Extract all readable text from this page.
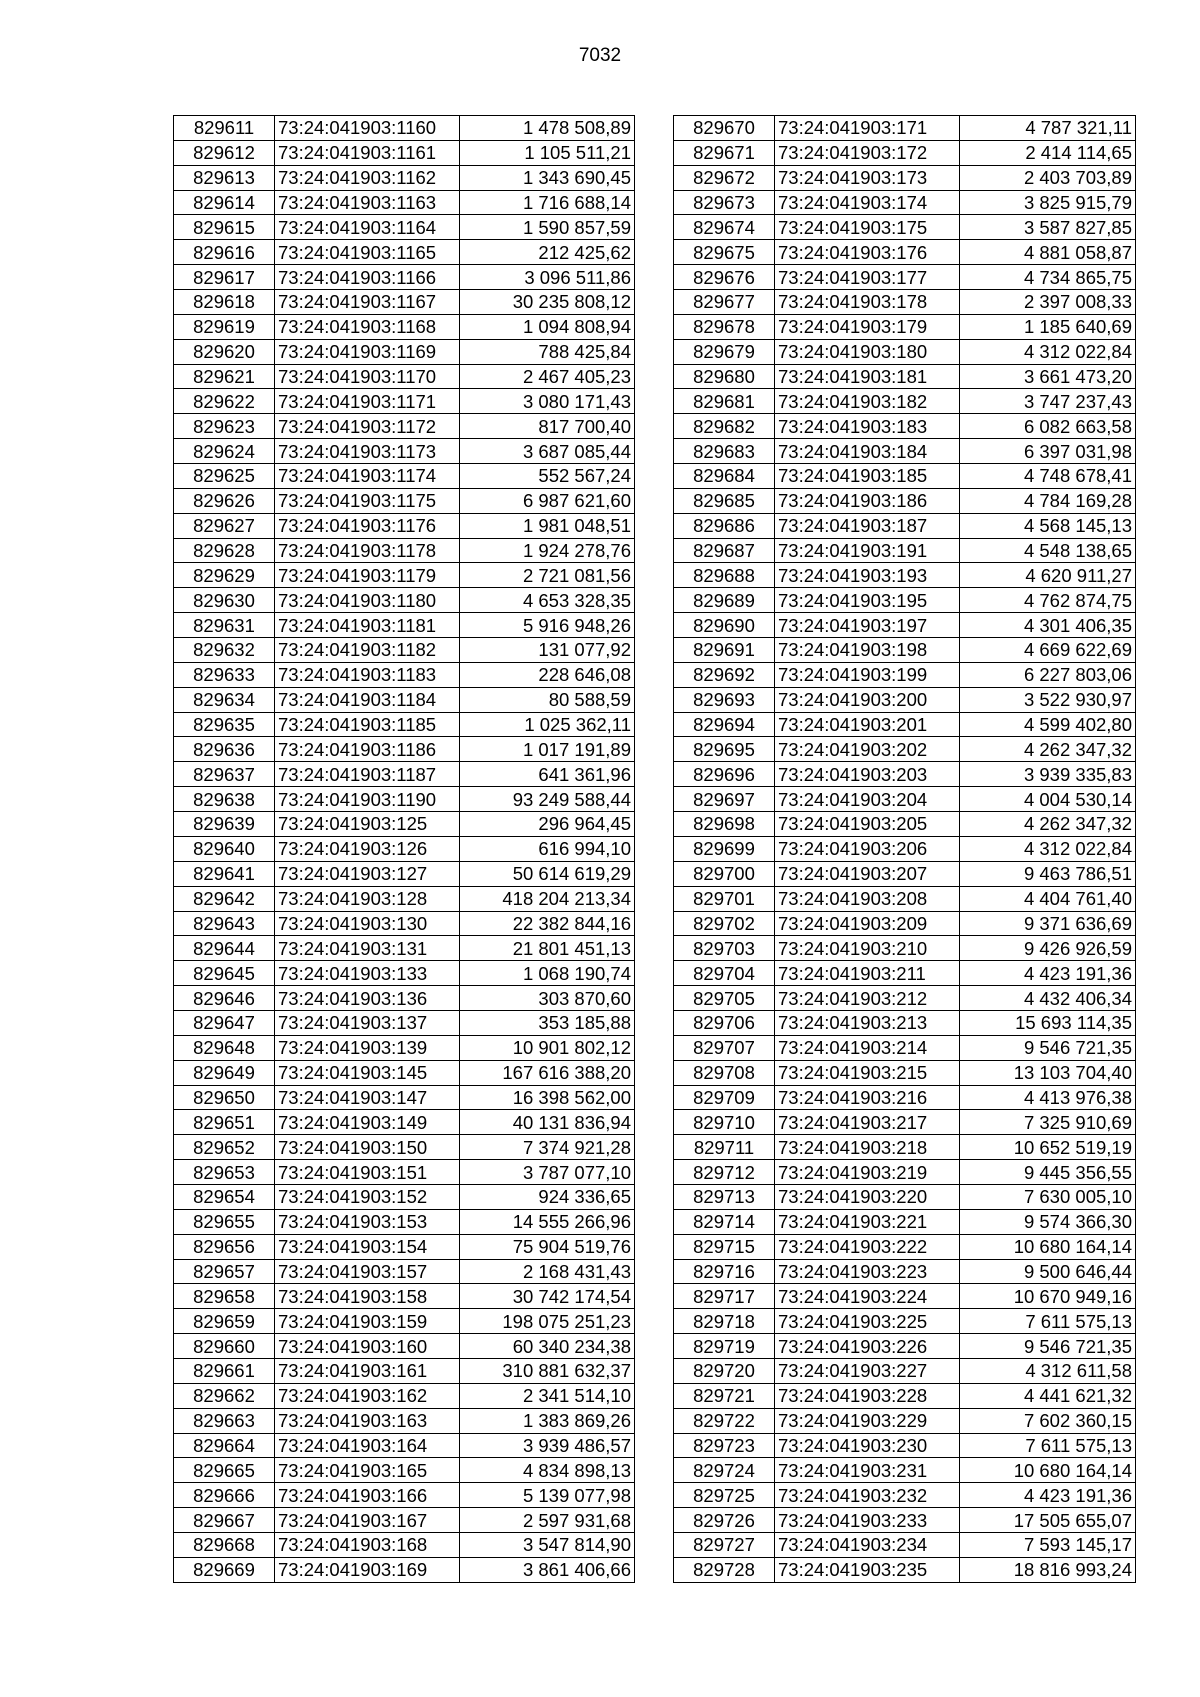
7032
829611	73:24:041903:1160	1 478 508,89
829612	73:24:041903:1161	1 105 511,21
829613	73:24:041903:1162	1 343 690,45
829614	73:24:041903:1163	1 716 688,14
829615	73:24:041903:1164	1 590 857,59
829616	73:24:041903:1165	212 425,62
829617	73:24:041903:1166	3 096 511,86
829618	73:24:041903:1167	30 235 808,12
829619	73:24:041903:1168	1 094 808,94
829620	73:24:041903:1169	788 425,84
829621	73:24:041903:1170	2 467 405,23
829622	73:24:041903:1171	3 080 171,43
829623	73:24:041903:1172	817 700,40
829624	73:24:041903:1173	3 687 085,44
829625	73:24:041903:1174	552 567,24
829626	73:24:041903:1175	6 987 621,60
829627	73:24:041903:1176	1 981 048,51
829628	73:24:041903:1178	1 924 278,76
829629	73:24:041903:1179	2 721 081,56
829630	73:24:041903:1180	4 653 328,35
829631	73:24:041903:1181	5 916 948,26
829632	73:24:041903:1182	131 077,92
829633	73:24:041903:1183	228 646,08
829634	73:24:041903:1184	80 588,59
829635	73:24:041903:1185	1 025 362,11
829636	73:24:041903:1186	1 017 191,89
829637	73:24:041903:1187	641 361,96
829638	73:24:041903:1190	93 249 588,44
829639	73:24:041903:125	296 964,45
829640	73:24:041903:126	616 994,10
829641	73:24:041903:127	50 614 619,29
829642	73:24:041903:128	418 204 213,34
829643	73:24:041903:130	22 382 844,16
829644	73:24:041903:131	21 801 451,13
829645	73:24:041903:133	1 068 190,74
829646	73:24:041903:136	303 870,60
829647	73:24:041903:137	353 185,88
829648	73:24:041903:139	10 901 802,12
829649	73:24:041903:145	167 616 388,20
829650	73:24:041903:147	16 398 562,00
829651	73:24:041903:149	40 131 836,94
829652	73:24:041903:150	7 374 921,28
829653	73:24:041903:151	3 787 077,10
829654	73:24:041903:152	924 336,65
829655	73:24:041903:153	14 555 266,96
829656	73:24:041903:154	75 904 519,76
829657	73:24:041903:157	2 168 431,43
829658	73:24:041903:158	30 742 174,54
829659	73:24:041903:159	198 075 251,23
829660	73:24:041903:160	60 340 234,38
829661	73:24:041903:161	310 881 632,37
829662	73:24:041903:162	2 341 514,10
829663	73:24:041903:163	1 383 869,26
829664	73:24:041903:164	3 939 486,57
829665	73:24:041903:165	4 834 898,13
829666	73:24:041903:166	5 139 077,98
829667	73:24:041903:167	2 597 931,68
829668	73:24:041903:168	3 547 814,90
829669	73:24:041903:169	3 861 406,66
829670	73:24:041903:171	4 787 321,11
829671	73:24:041903:172	2 414 114,65
829672	73:24:041903:173	2 403 703,89
829673	73:24:041903:174	3 825 915,79
829674	73:24:041903:175	3 587 827,85
829675	73:24:041903:176	4 881 058,87
829676	73:24:041903:177	4 734 865,75
829677	73:24:041903:178	2 397 008,33
829678	73:24:041903:179	1 185 640,69
829679	73:24:041903:180	4 312 022,84
829680	73:24:041903:181	3 661 473,20
829681	73:24:041903:182	3 747 237,43
829682	73:24:041903:183	6 082 663,58
829683	73:24:041903:184	6 397 031,98
829684	73:24:041903:185	4 748 678,41
829685	73:24:041903:186	4 784 169,28
829686	73:24:041903:187	4 568 145,13
829687	73:24:041903:191	4 548 138,65
829688	73:24:041903:193	4 620 911,27
829689	73:24:041903:195	4 762 874,75
829690	73:24:041903:197	4 301 406,35
829691	73:24:041903:198	4 669 622,69
829692	73:24:041903:199	6 227 803,06
829693	73:24:041903:200	3 522 930,97
829694	73:24:041903:201	4 599 402,80
829695	73:24:041903:202	4 262 347,32
829696	73:24:041903:203	3 939 335,83
829697	73:24:041903:204	4 004 530,14
829698	73:24:041903:205	4 262 347,32
829699	73:24:041903:206	4 312 022,84
829700	73:24:041903:207	9 463 786,51
829701	73:24:041903:208	4 404 761,40
829702	73:24:041903:209	9 371 636,69
829703	73:24:041903:210	9 426 926,59
829704	73:24:041903:211	4 423 191,36
829705	73:24:041903:212	4 432 406,34
829706	73:24:041903:213	15 693 114,35
829707	73:24:041903:214	9 546 721,35
829708	73:24:041903:215	13 103 704,40
829709	73:24:041903:216	4 413 976,38
829710	73:24:041903:217	7 325 910,69
829711	73:24:041903:218	10 652 519,19
829712	73:24:041903:219	9 445 356,55
829713	73:24:041903:220	7 630 005,10
829714	73:24:041903:221	9 574 366,30
829715	73:24:041903:222	10 680 164,14
829716	73:24:041903:223	9 500 646,44
829717	73:24:041903:224	10 670 949,16
829718	73:24:041903:225	7 611 575,13
829719	73:24:041903:226	9 546 721,35
829720	73:24:041903:227	4 312 611,58
829721	73:24:041903:228	4 441 621,32
829722	73:24:041903:229	7 602 360,15
829723	73:24:041903:230	7 611 575,13
829724	73:24:041903:231	10 680 164,14
829725	73:24:041903:232	4 423 191,36
829726	73:24:041903:233	17 505 655,07
829727	73:24:041903:234	7 593 145,17
829728	73:24:041903:235	18 816 993,24
